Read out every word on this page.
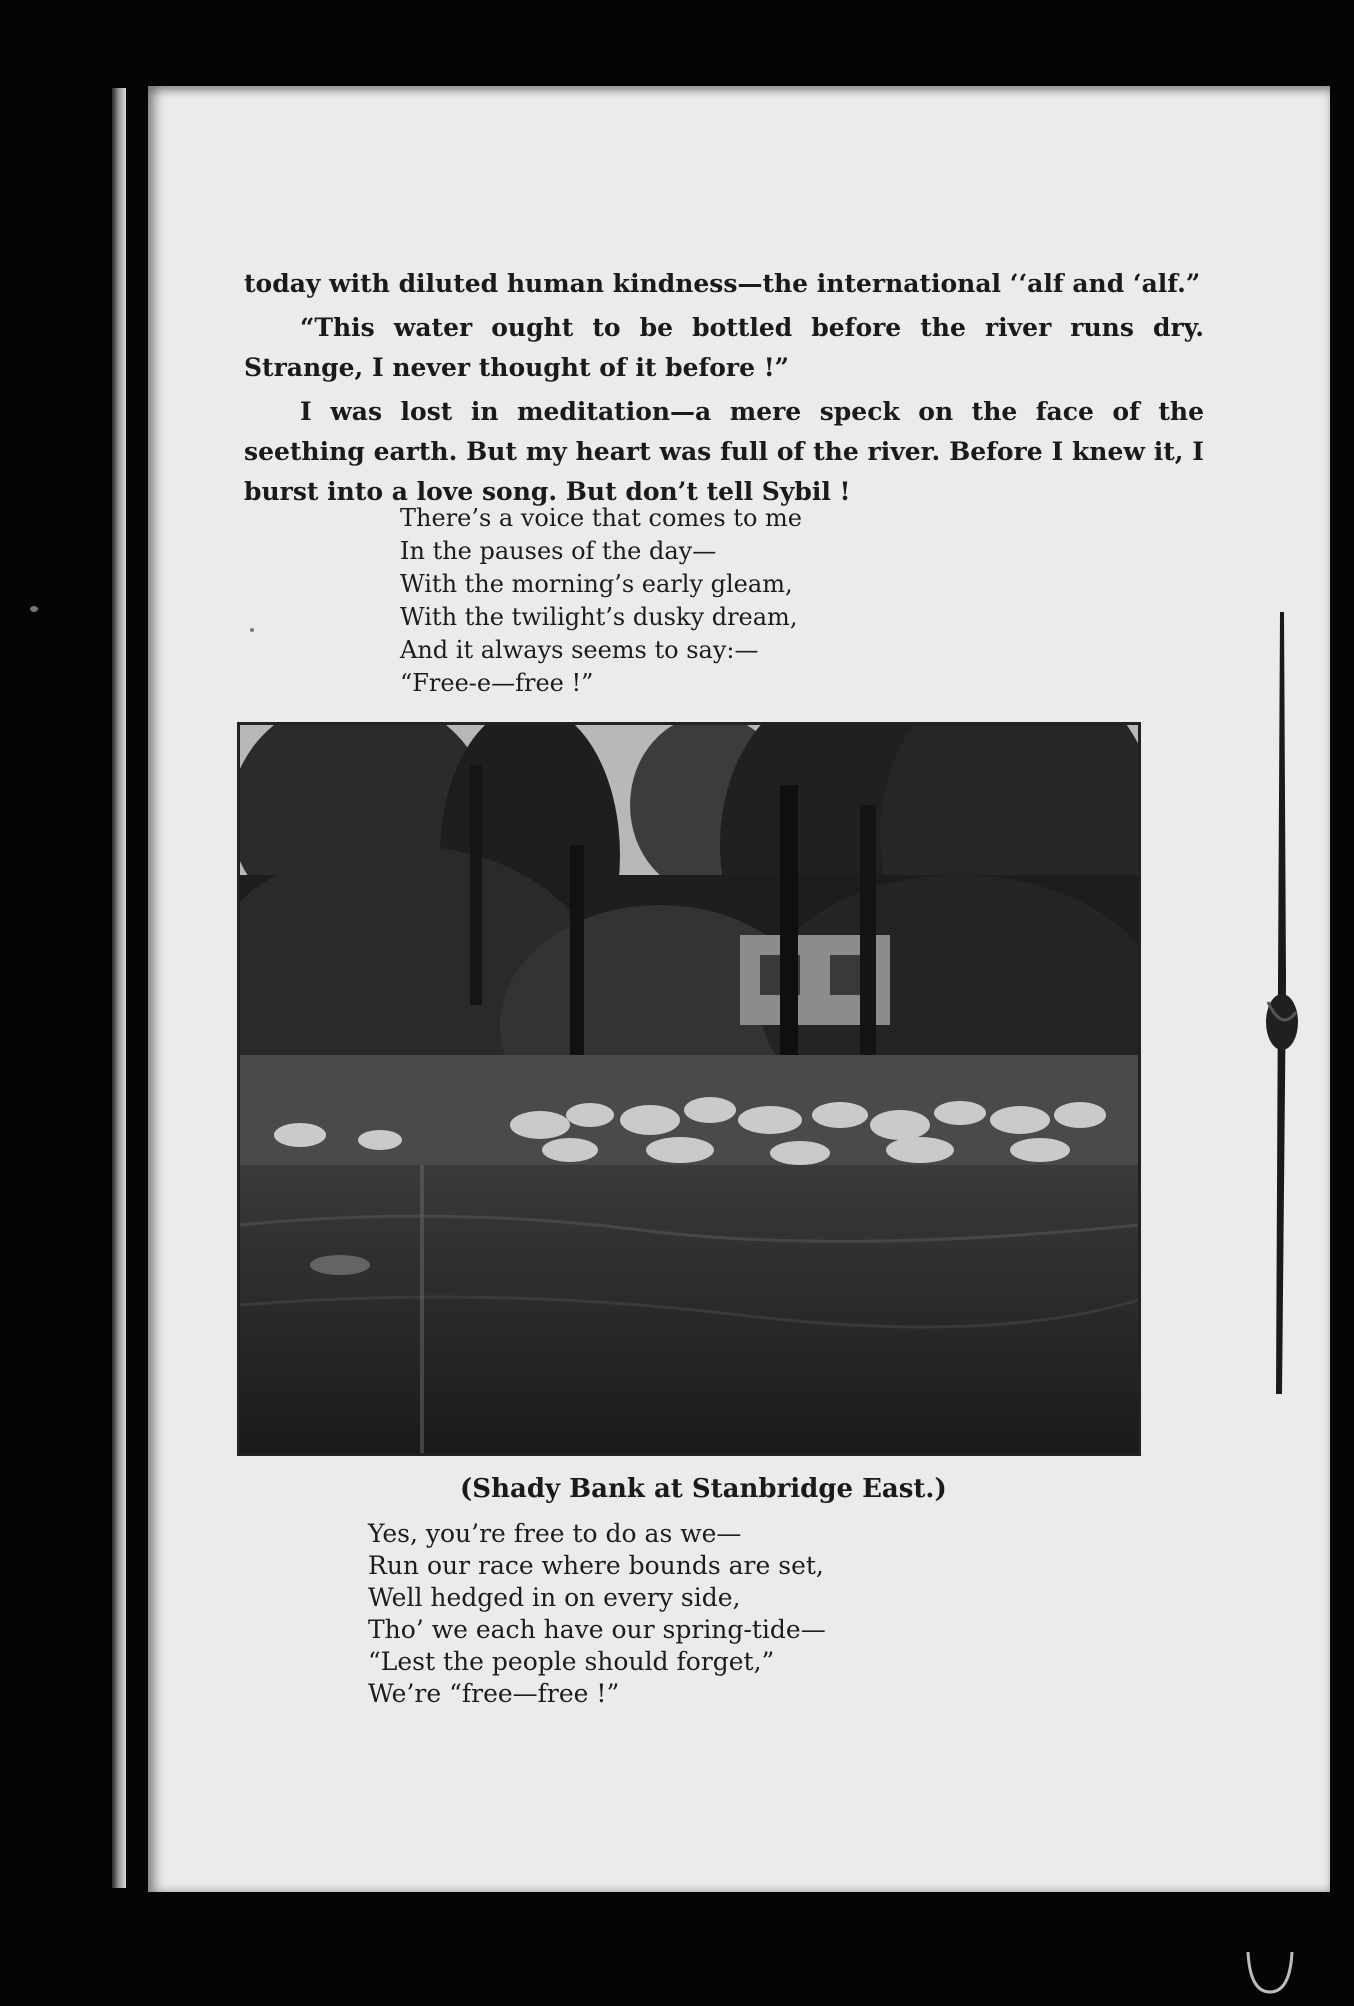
today with diluted human kindness—the international ‘‘alf and ‘alf.”

“This water ought to be bottled before the river runs dry. Strange, I never thought of it before !”

I was lost in meditation—a mere speck on the face of the seething earth. But my heart was full of the river. Before I knew it, I burst into a love song. But don’t tell Sybil !

There’s a voice that comes to me
In the pauses of the day—
With the morning’s early gleam,
With the twilight’s dusky dream,
And it always seems to say:—
“Free-e—free !”
(Shady Bank at Stanbridge East.)
Yes, you’re free to do as we—
Run our race where bounds are set,
Well hedged in on every side,
Tho’ we each have our spring-tide—
“Lest the people should forget,”
We’re “free—free !”
